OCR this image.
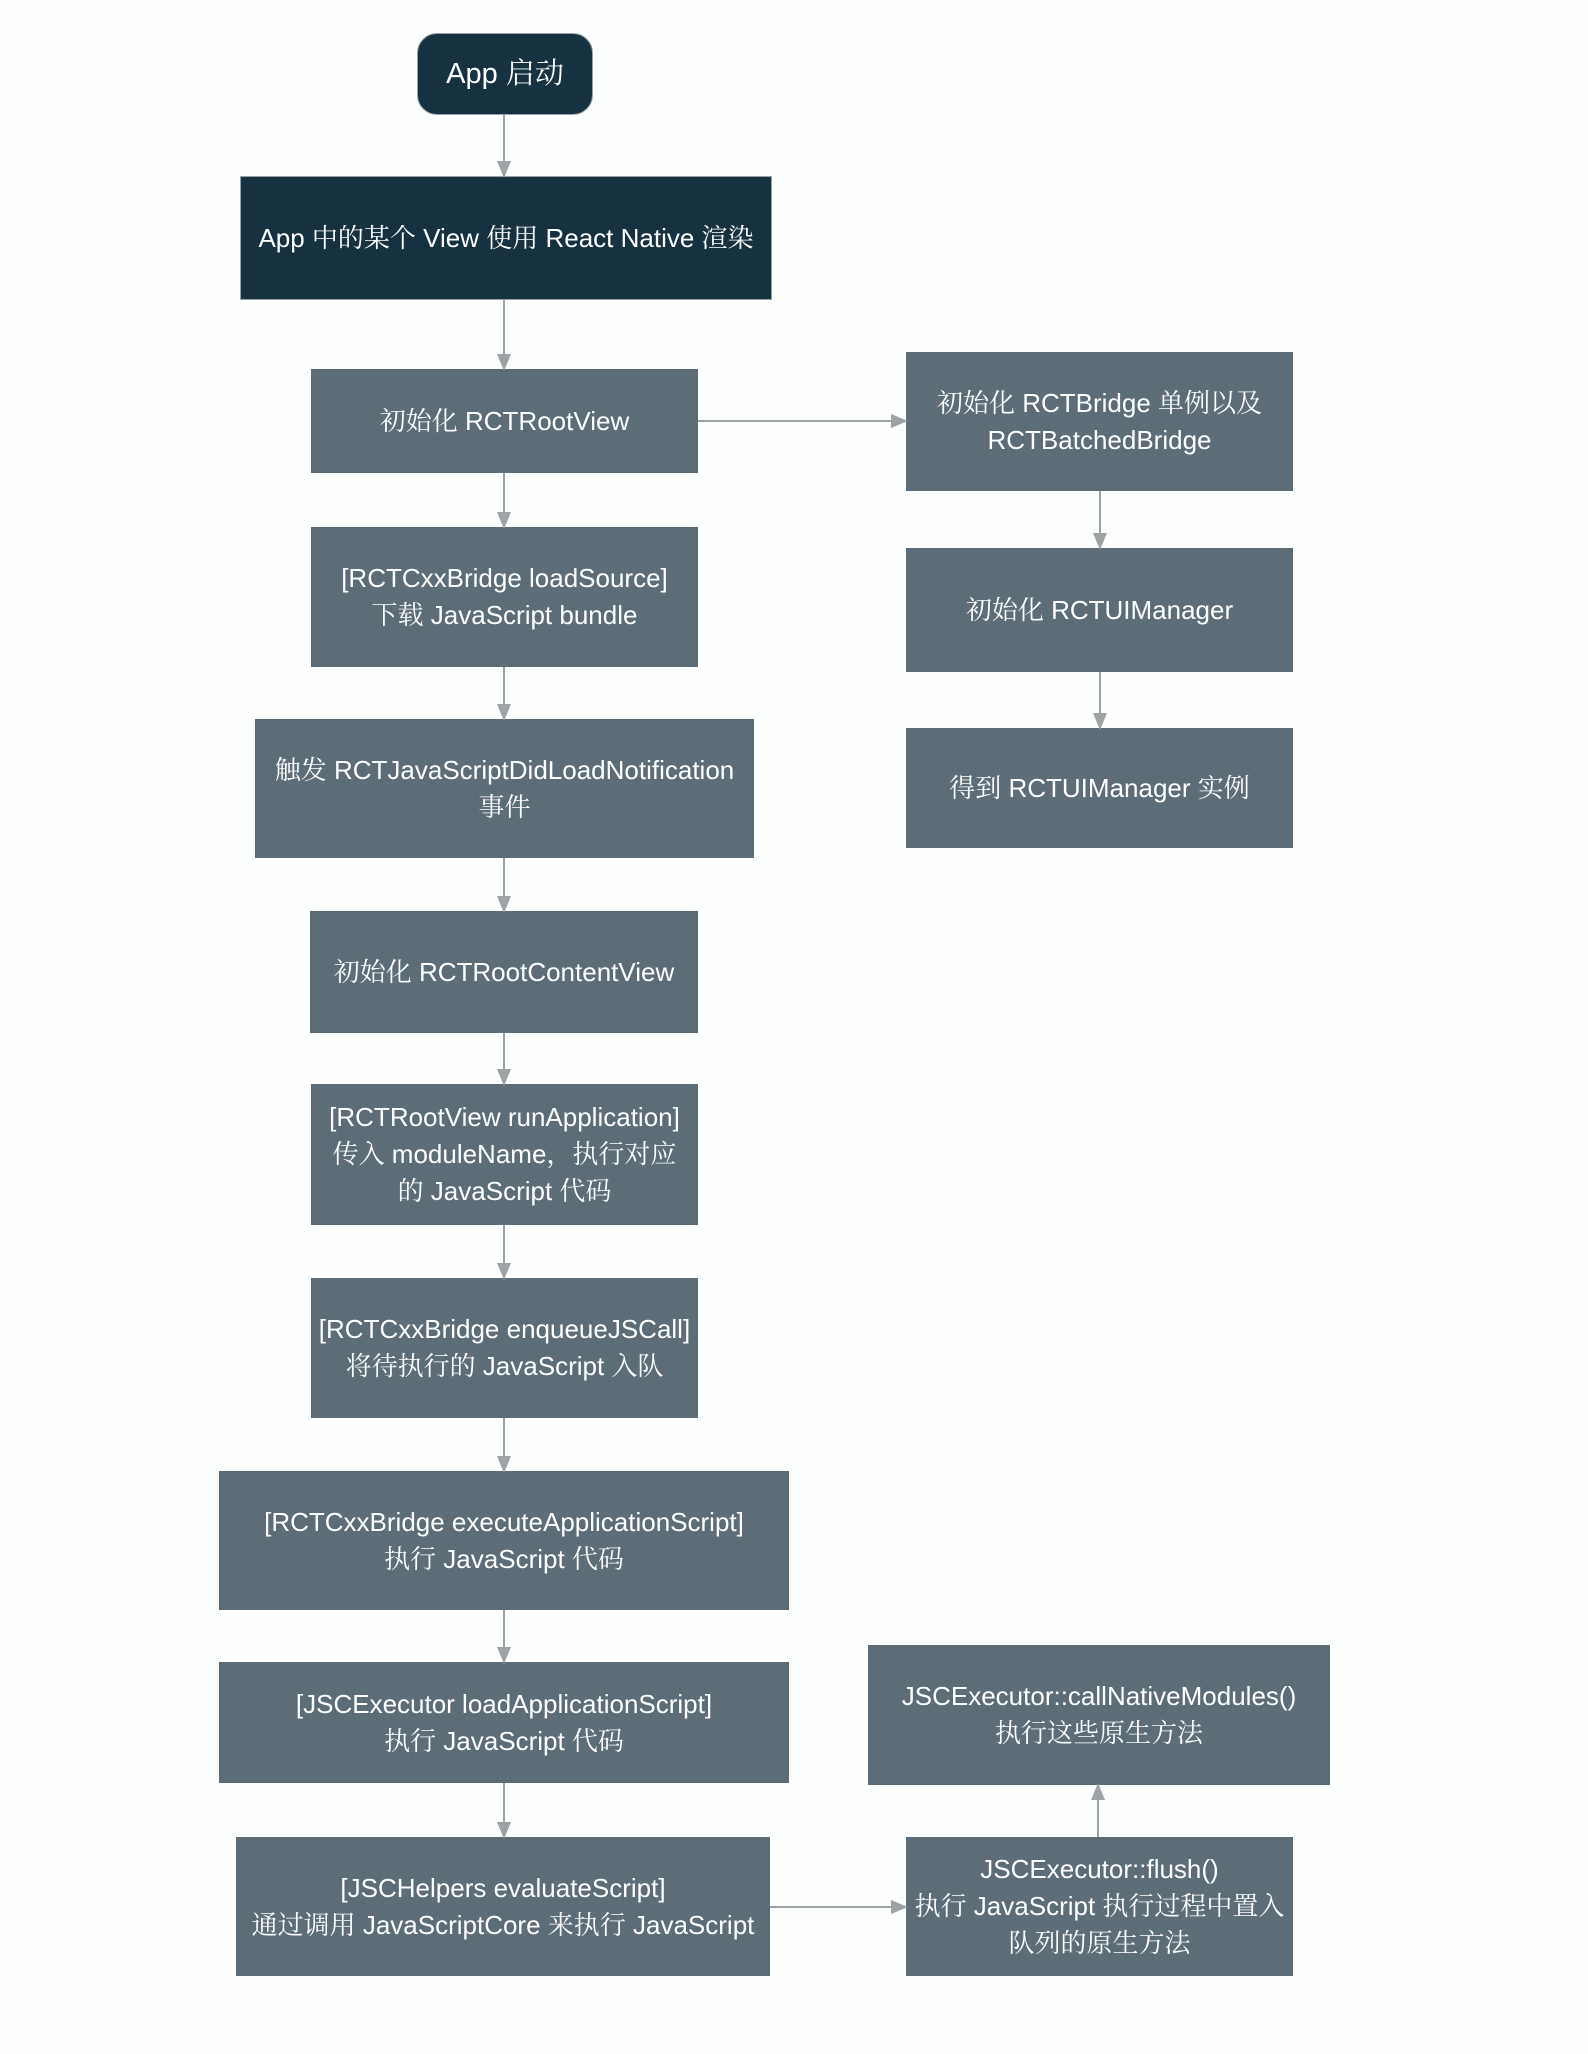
App 启动
App 中的某个 View 使用 React Native 渲染
初始化 RCTRootView
初始化 RCTBridge 单例以及
RCTBatchedBridge
[RCTCxxBridge loadSource]
下载 JavaScript bundle	初始化 RCTUIManager
触发 RCTJavaScriptDidLoadNotification
事件
得到 RCTUIManager 实例
初始化 RCTRootContentView
[RCTRootView runApplication]
传入 moduleName，执行对应
的 JavaScript 代码
[RCTCxxBridge enqueueJSCall]
将待执行的 JavaScript 入队
[RCTCxxBridge executeApplicationScript]
执行 JavaScript 代码
[JSCExecutor loadApplicationScript]
执行 JavaScript 代码
[JSCHelpers evaluateScript]
通过调用 JavaScriptCore 来执行 JavaScript
JSCExecutor::callNativeModules()
执行这些原生方法
JSCExecutor::flush()
执行 JavaScript 执行过程中置入
队列的原生方法
